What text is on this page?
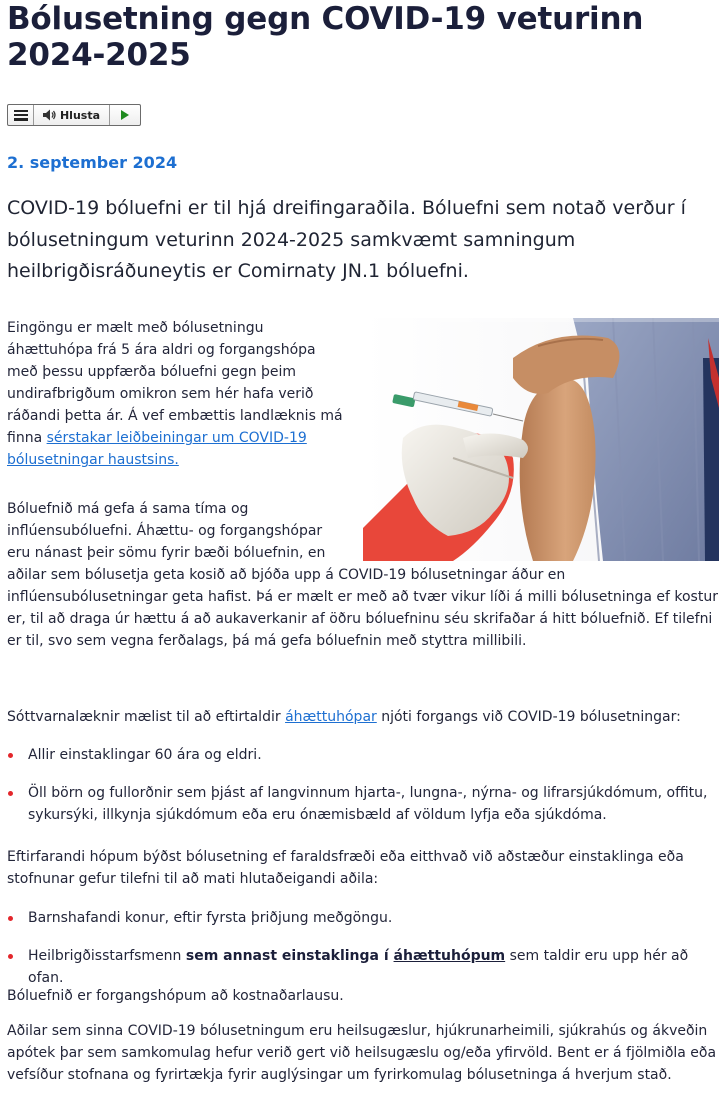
Bólusetning gegn COVID-19 veturinn 2024-2025
Hlusta
2. september 2024

COVID-19 bóluefni er til hjá dreifingaraðila. Bóluefni sem notað verður í bólusetningum veturinn 2024-2025 samkvæmt samningum heilbrigðisráðuneytis er Comirnaty JN.1 bóluefni.

Eingöngu er mælt með bólusetningu áhættuhópa frá 5 ára aldri og forgangshópa með þessu uppfærða bóluefni gegn þeim undirafbrigðum omikron sem hér hafa verið ráðandi þetta ár. Á vef embættis landlæknis má finna sérstakar leiðbeiningar um COVID-19 bólusetningar haustsins.

Bóluefnið má gefa á sama tíma og inflúensubóluefni. Áhættu- og forgangshópar eru nánast þeir sömu fyrir bæði bóluefnin, en aðilar sem bólusetja geta kosið að bjóða upp á COVID-19 bólusetningar áður en inflúensubólusetningar geta hafist. Þá er mælt er með að tvær vikur líði á milli bólusetninga ef kostur er, til að draga úr hættu á að aukaverkanir af öðru bóluefninu séu skrifaðar á hitt bóluefnið. Ef tilefni er til, svo sem vegna ferðalags, þá má gefa bóluefnin með styttra millibili.

Sóttvarnalæknir mælist til að eftirtaldir áhættuhópar njóti forgangs við COVID-19 bólusetningar:

Allir einstaklingar 60 ára og eldri.
Öll börn og fullorðnir sem þjást af langvinnum hjarta-, lungna-, nýrna- og lifrarsjúkdómum, offitu, sykursýki, illkynja sjúkdómum eða eru ónæmisbæld af völdum lyfja eða sjúkdóma.

Eftirfarandi hópum býðst bólusetning ef faraldsfræði eða eitthvað við aðstæður einstaklinga eða stofnunar gefur tilefni til að mati hlutaðeigandi aðila:

Barnshafandi konur, eftir fyrsta þriðjung meðgöngu.
Heilbrigðisstarfsmenn sem annast einstaklinga í áhættuhópum sem taldir eru upp hér að ofan.

Bóluefnið er forgangshópum að kostnaðarlausu.

Aðilar sem sinna COVID-19 bólusetningum eru heilsugæslur, hjúkrunarheimili, sjúkrahús og ákveðin apótek þar sem samkomulag hefur verið gert við heilsugæslu og/eða yfirvöld. Bent er á fjölmiðla eða vefsíður stofnana og fyrirtækja fyrir auglýsingar um fyrirkomulag bólusetninga á hverjum stað.
